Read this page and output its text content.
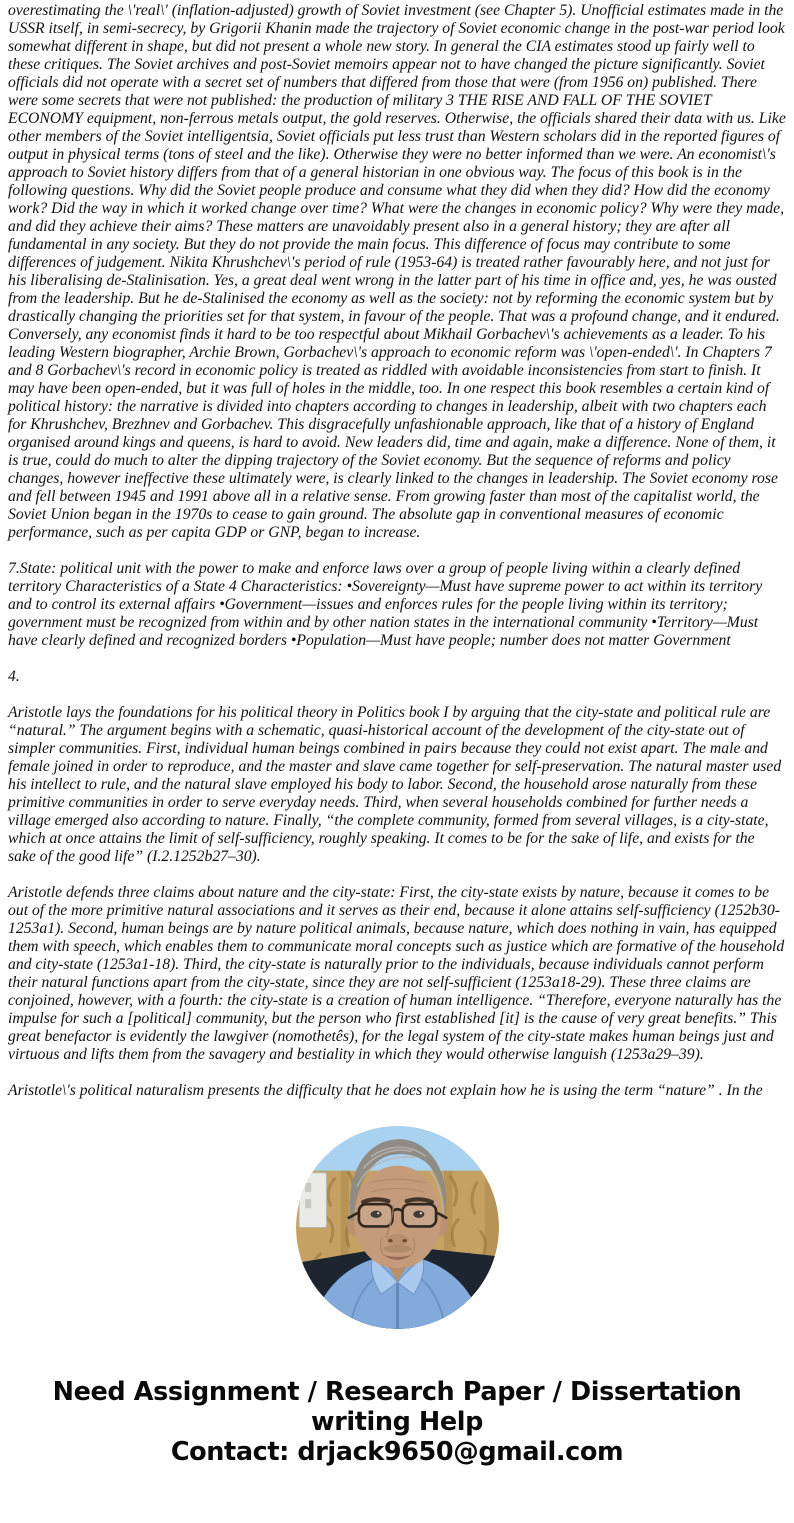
overestimating the \'real\' (inflation-adjusted) growth of Soviet investment (see Chapter 5). Unofficial estimates made in the USSR itself, in semi-secrecy, by Grigorii Khanin made the trajectory of Soviet economic change in the post-war period look somewhat different in shape, but did not present a whole new story. In general the CIA estimates stood up fairly well to these critiques. The Soviet archives and post-Soviet memoirs appear not to have changed the picture significantly. Soviet officials did not operate with a secret set of numbers that differed from those that were (from 1956 on) published. There were some secrets that were not published: the production of military 3 THE RISE AND FALL OF THE SOVIET ECONOMY equipment, non-ferrous metals output, the gold reserves. Otherwise, the officials shared their data with us. Like other members of the Soviet intelligentsia, Soviet officials put less trust than Western scholars did in the reported figures of output in physical terms (tons of steel and the like). Otherwise they were no better informed than we were. An economist\'s approach to Soviet history differs from that of a general historian in one obvious way. The focus of this book is in the following questions. Why did the Soviet people produce and consume what they did when they did? How did the economy work? Did the way in which it worked change over time? What were the changes in economic policy? Why were they made, and did they achieve their aims? These matters are unavoidably present also in a general history; they are after all fundamental in any society. But they do not provide the main focus. This difference of focus may contribute to some differences of judgement. Nikita Khrushchev\'s period of rule (1953-64) is treated rather favourably here, and not just for his liberalising de-Stalinisation. Yes, a great deal went wrong in the latter part of his time in office and, yes, he was ousted from the leadership. But he de-Stalinised the economy as well as the society: not by reforming the economic system but by drastically changing the priorities set for that system, in favour of the people. That was a profound change, and it endured. Conversely, any economist finds it hard to be too respectful about Mikhail Gorbachev\'s achievements as a leader. To his leading Western biographer, Archie Brown, Gorbachev\'s approach to economic reform was \'open-ended\'. In Chapters 7 and 8 Gorbachev\'s record in economic policy is treated as riddled with avoidable inconsistencies from start to finish. It may have been open-ended, but it was full of holes in the middle, too. In one respect this book resembles a certain kind of political history: the narrative is divided into chapters according to changes in leadership, albeit with two chapters each for Khrushchev, Brezhnev and Gorbachev. This disgracefully unfashionable approach, like that of a history of England organised around kings and queens, is hard to avoid. New leaders did, time and again, make a difference. None of them, it is true, could do much to alter the dipping trajectory of the Soviet economy. But the sequence of reforms and policy changes, however ineffective these ultimately were, is clearly linked to the changes in leadership. The Soviet economy rose and fell between 1945 and 1991 above all in a relative sense. From growing faster than most of the capitalist world, the Soviet Union began in the 1970s to cease to gain ground. The absolute gap in conventional measures of economic performance, such as per capita GDP or GNP, began to increase.

7.State: political unit with the power to make and enforce laws over a group of people living within a clearly defined territory Characteristics of a State 4 Characteristics: •Sovereignty—Must have supreme power to act within its territory and to control its external affairs •Government—issues and enforces rules for the people living within its territory; government must be recognized from within and by other nation states in the international community •Territory—Must have clearly defined and recognized borders •Population—Must have people; number does not matter Government

4.

Aristotle lays the foundations for his political theory in Politics book I by arguing that the city-state and political rule are “natural.” The argument begins with a schematic, quasi-historical account of the development of the city-state out of simpler communities. First, individual human beings combined in pairs because they could not exist apart. The male and female joined in order to reproduce, and the master and slave came together for self-preservation. The natural master used his intellect to rule, and the natural slave employed his body to labor. Second, the household arose naturally from these primitive communities in order to serve everyday needs. Third, when several households combined for further needs a village emerged also according to nature. Finally, “the complete community, formed from several villages, is a city-state, which at once attains the limit of self-sufficiency, roughly speaking. It comes to be for the sake of life, and exists for the sake of the good life” (I.2.1252b27–30).

Aristotle defends three claims about nature and the city-state: First, the city-state exists by nature, because it comes to be out of the more primitive natural associations and it serves as their end, because it alone attains self-sufficiency (1252b30-1253a1). Second, human beings are by nature political animals, because nature, which does nothing in vain, has equipped them with speech, which enables them to communicate moral concepts such as justice which are formative of the household and city-state (1253a1-18). Third, the city-state is naturally prior to the individuals, because individuals cannot perform their natural functions apart from the city-state, since they are not self-sufficient (1253a18-29). These three claims are conjoined, however, with a fourth: the city-state is a creation of human intelligence. “Therefore, everyone naturally has the impulse for such a [political] community, but the person who first established [it] is the cause of very great benefits.” This great benefactor is evidently the lawgiver (nomothetês), for the legal system of the city-state makes human beings just and virtuous and lifts them from the savagery and bestiality in which they would otherwise languish (1253a29–39).

Aristotle\'s political naturalism presents the difficulty that he does not explain how he is using the term “nature” . In the

Need Assignment / Research Paper / Dissertation
writing Help
Contact: drjack9650@gmail.com
